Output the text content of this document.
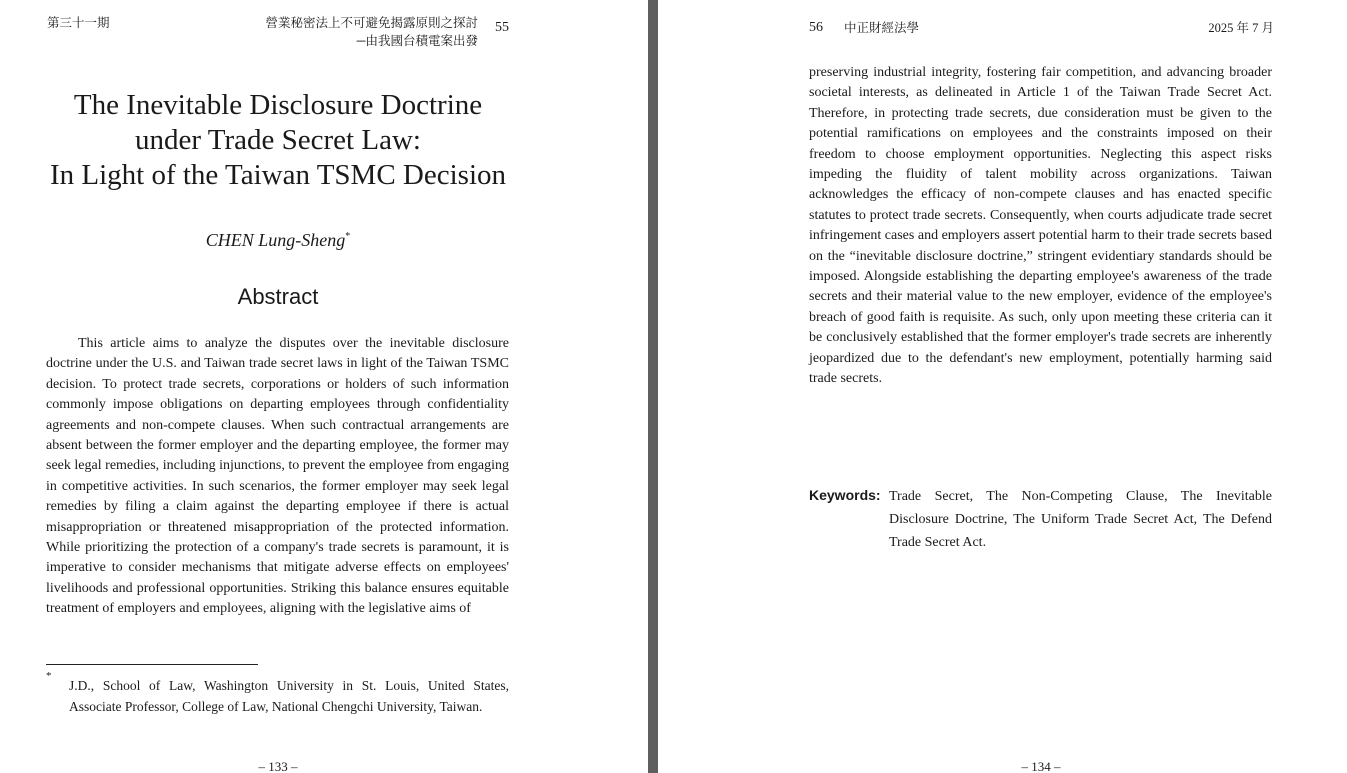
第三十一期	營業秘密法上不可避免揭露原則之探討
─由我國台積電案出發
55
The Inevitable Disclosure Doctrine
under Trade Secret Law:
In Light of the Taiwan TSMC Decision
CHEN Lung-Sheng*
Abstract

This article aims to analyze the disputes over the inevitable disclosure doctrine under the U.S. and Taiwan trade secret laws in light of the Taiwan TSMC decision. To protect trade secrets, corporations or holders of such information commonly impose obligations on departing employees through confidentiality agreements and non-compete clauses. When such contractual arrangements are absent between the former employer and the departing employee, the former may seek legal remedies, including injunctions, to prevent the employee from engaging in competitive activities. In such scenarios, the former employer may seek legal remedies by filing a claim against the departing employee if there is actual misappropriation or threatened misappropriation of the protected information. While prioritizing the protection of a company's trade secrets is paramount, it is imperative to consider mechanisms that mitigate adverse effects on employees' livelihoods and professional opportunities. Striking this balance ensures equitable treatment of employers and employees, aligning with the legislative aims of

*
J.D., School of Law, Washington University in St. Louis, United States, Associate Professor, College of Law, National Chengchi University, Taiwan.
– 133 –
56 中正財經法學	2025 年 7 月

preserving industrial integrity, fostering fair competition, and advancing broader societal interests, as delineated in Article 1 of the Taiwan Trade Secret Act. Therefore, in protecting trade secrets, due consideration must be given to the potential ramifications on employees and the constraints imposed on their freedom to choose employment opportunities. Neglecting this aspect risks impeding the fluidity of talent mobility across organizations. Taiwan acknowledges the efficacy of non-compete clauses and has enacted specific statutes to protect trade secrets. Consequently, when courts adjudicate trade secret infringement cases and employers assert potential harm to their trade secrets based on the “inevitable disclosure doctrine,” stringent evidentiary standards should be imposed. Alongside establishing the departing employee's awareness of the trade secrets and their material value to the new employer, evidence of the employee's breach of good faith is requisite. As such, only upon meeting these criteria can it be conclusively established that the former employer's trade secrets are inherently jeopardized due to the defendant's new employment, potentially harming said trade secrets.

Keywords: Trade Secret, The Non-Competing Clause, The Inevitable Disclosure Doctrine, The Uniform Trade Secret Act, The Defend Trade Secret Act.
– 134 –
